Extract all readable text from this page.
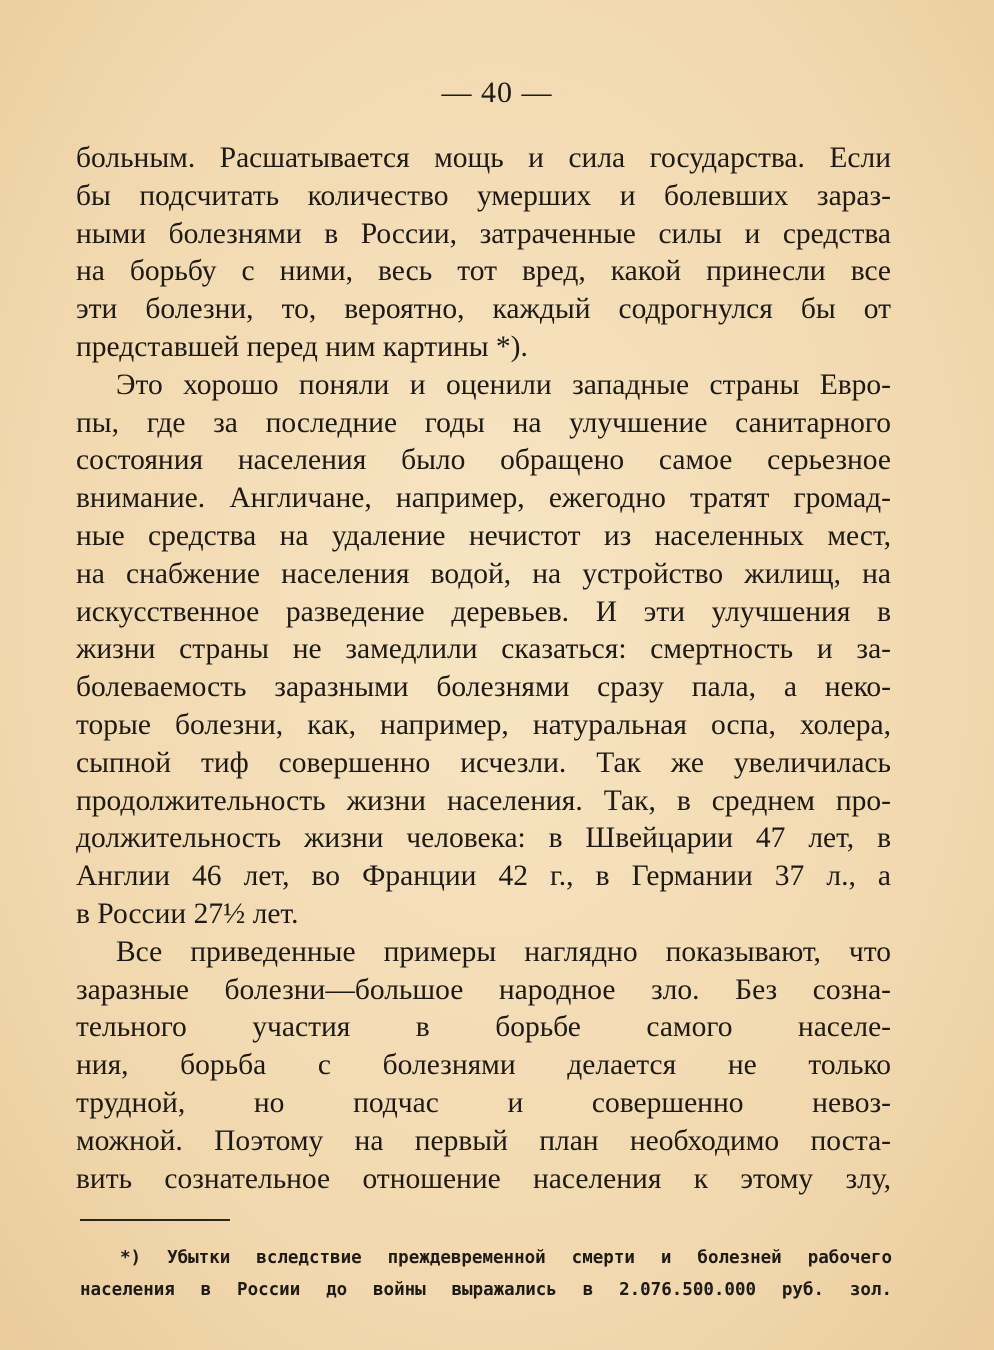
— 40 —
больным. Расшатывается мощь и сила государства. Если
бы подсчитать количество умерших и болевших зараз-
ными болезнями в России, затраченные силы и средства
на борьбу с ними, весь тот вред, какой принесли все
эти болезни, то, вероятно, каждый содрогнулся бы от
представшей перед ним картины *).
Это хорошо поняли и оценили западные страны Евро-
пы, где за последние годы на улучшение санитарного
состояния населения было обращено самое серьезное
внимание. Англичане, например, ежегодно тратят громад-
ные средства на удаление нечистот из населенных мест,
на снабжение населения водой, на устройство жилищ, на
искусственное разведение деревьев. И эти улучшения в
жизни страны не замедлили сказаться: смертность и за-
болеваемость заразными болезнями сразу пала, а неко-
торые болезни, как, например, натуральная оспа, холера,
сыпной тиф совершенно исчезли. Так же увеличилась
продолжительность жизни населения. Так, в среднем про-
должительность жизни человека: в Швейцарии 47 лет, в
Англии 46 лет, во Франции 42 г., в Германии 37 л., а
в России 27½ лет.
Все приведенные примеры наглядно показывают, что
заразные болезни—большое народное зло. Без созна-
тельного участия в борьбе самого населе-
ния, борьба с болезнями делается не только
трудной, но подчас и совершенно невоз-
можной. Поэтому на первый план необходимо поста-
вить сознательное отношение населения к этому злу,
*) Убытки вследствие преждевременной смерти и болезней рабочего
населения в России до войны выражались в 2.076.500.000 руб. зол.
